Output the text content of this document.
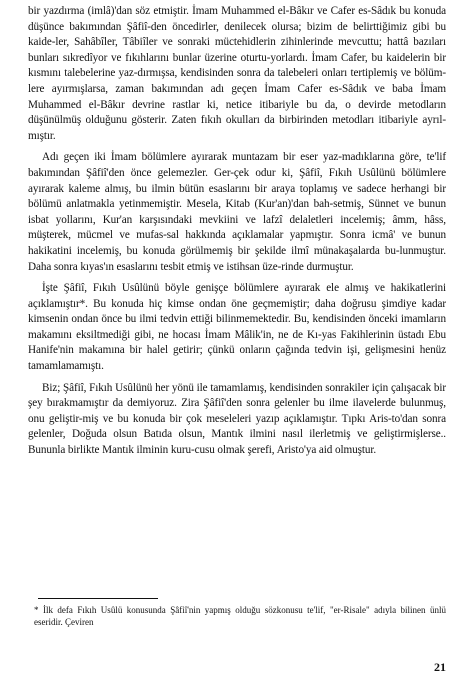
bir yazdırma (imlâ)'dan söz etmiştir. İmam Muhammed el-Bâkır ve Cafer es-Sâdık bu konuda düşünce bakımından Şâfiî-den öncedirler, denilecek olursa; bizim de belirttiğimiz gibi bu kaide-ler, Sahâbîler, Tâbiîler ve sonraki müctehidlerin zihinlerinde mevcuttu; hattâ bazıları bunları sıkredîyor ve fıkıhlarını bunlar üzerine oturtu-yorlardı. İmam Cafer, bu kaidelerin bir kısmını talebelerine yaz-dırmışsa, kendisinden sonra da talebeleri onları tertiplemiş ve bölüm-lere ayırmışlarsa, zaman bakımından adı geçen İmam Cafer es-Sâdık ve baba İmam Muhammed el-Bâkır devrine rastlar ki, netice itibariyle bu da, o devirde metodların düşünülmüş olduğunu gösterir. Zaten fıkıh okulları da birbirinden metodları itibariyle ayrıl-mıştır.

Adı geçen iki İmam bölümlere ayırarak muntazam bir eser yaz-madıklarına göre, te'lif bakımından Şâfiî'den önce gelemezler. Ger-çek odur ki, Şâfiî, Fıkıh Usûlünü bölümlere ayırarak kaleme almış, bu ilmin bütün esaslarını bir araya toplamış ve sadece herhangi bir bölümü anlatmakla yetinmemiştir. Mesela, Kitab (Kur'an)'dan bah-setmiş, Sünnet ve bunun isbat yollarını, Kur'an karşısındaki mevkiini ve lafzî delaletleri incelemiş; âmm, hâss, müşterek, mücmel ve mufas-sal hakkında açıklamalar yapmıştır. Sonra icmâ' ve bunun hakikatini incelemiş, bu konuda görülmemiş bir şekilde ilmî münakaşalarda bu-lunmuştur. Daha sonra kıyas'ın esaslarını tesbit etmiş ve istihsan üze-rinde durmuştur.

İşte Şâfiî, Fıkıh Usûlünü böyle genişçe bölümlere ayırarak ele almış ve hakikatlerini açıklamıştır*. Bu konuda hiç kimse ondan öne geçmemiştir; daha doğrusu şimdiye kadar kimsenin ondan önce bu ilmi tedvin ettiği bilinmemektedir. Bu, kendisinden önceki imamların makamını eksiltmediği gibi, ne hocası İmam Mâlik'in, ne de Kı-yas Fakihlerinin üstadı Ebu Hanife'nin makamına bir halel getirir; çünkü onların çağında tedvin işi, gelişmesini henüz tamamlamamıştı.

Biz; Şâfiî, Fıkıh Usûlünü her yönü ile tamamlamış, kendisinden sonrakiler için çalışacak bir şey bırakmamıştır da demiyoruz. Zira Şâfiî'den sonra gelenler bu ilme ilavelerde bulunmuş, onu geliştir-miş ve bu konuda bir çok meseleleri yazıp açıklamıştır. Tıpkı Aris-to'dan sonra gelenler, Doğuda olsun Batıda olsun, Mantık ilmini nasıl ilerletmiş ve geliştirmişlerse.. Bununla birlikte Mantık ilminin kuru-cusu olmak şerefi, Aristo'ya aid olmuştur.

* İlk defa Fıkıh Usûlü konusunda Şâfiî'nin yapmış olduğu sözkonusu te'lif, "er-Risale" adıyla bilinen ünlü eseridir. Çeviren
21
